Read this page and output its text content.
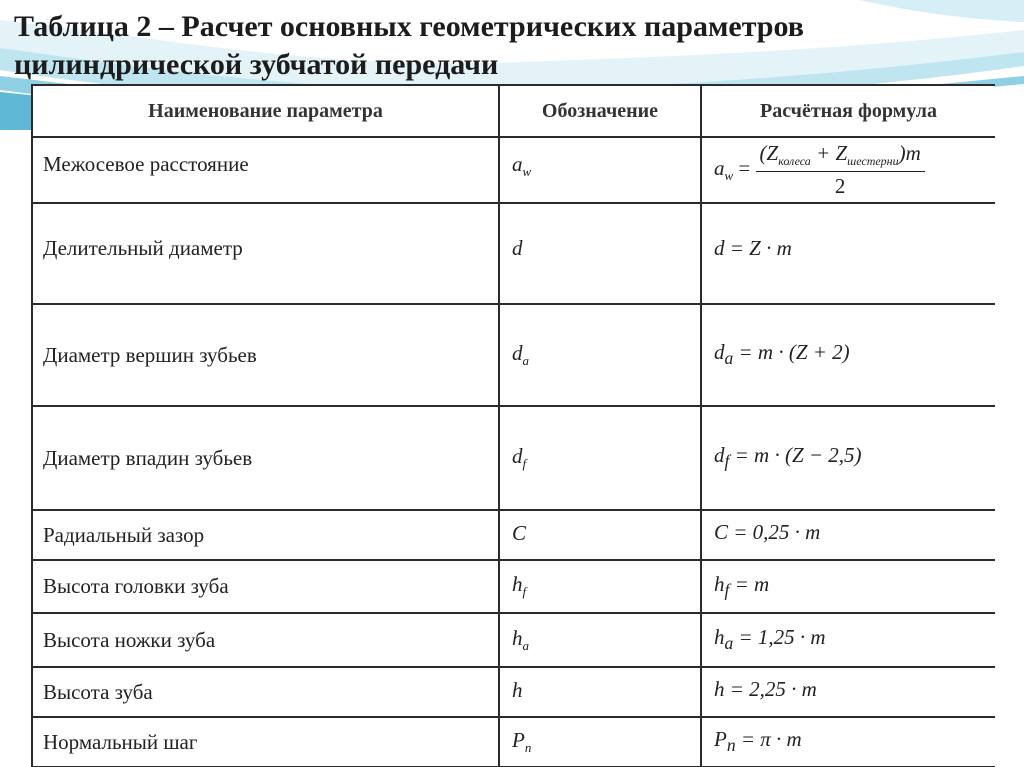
Таблица 2 – Расчет основных геометрических параметров цилиндрической зубчатой передачи
Наименование параметра	Обозначение	Расчётная формула
Межосевое расстояние	$a_w$	$a_w = \frac{(Z_{колеса} + Z_{шестерни})m}{2}$

Делительный диаметр	d	d = Z · m
Диаметр вершин зубьев	$d_a$	$d_a = m \cdot (Z + 2)$
Диаметр впадин зубьев	$d_f$	$d_f = m \cdot (Z - 2,5)$
Радиальный зазор	C	C = 0,25 · m
Высота головки зуба	$h_f$	$h_f = m$
Высота ножки зуба	$h_a$	$h_a = 1,25 \cdot m$
Высота зуба	h	h = 2,25 · m
Нормальный шаг	$P_n$	$P_n = \pi \cdot m$
